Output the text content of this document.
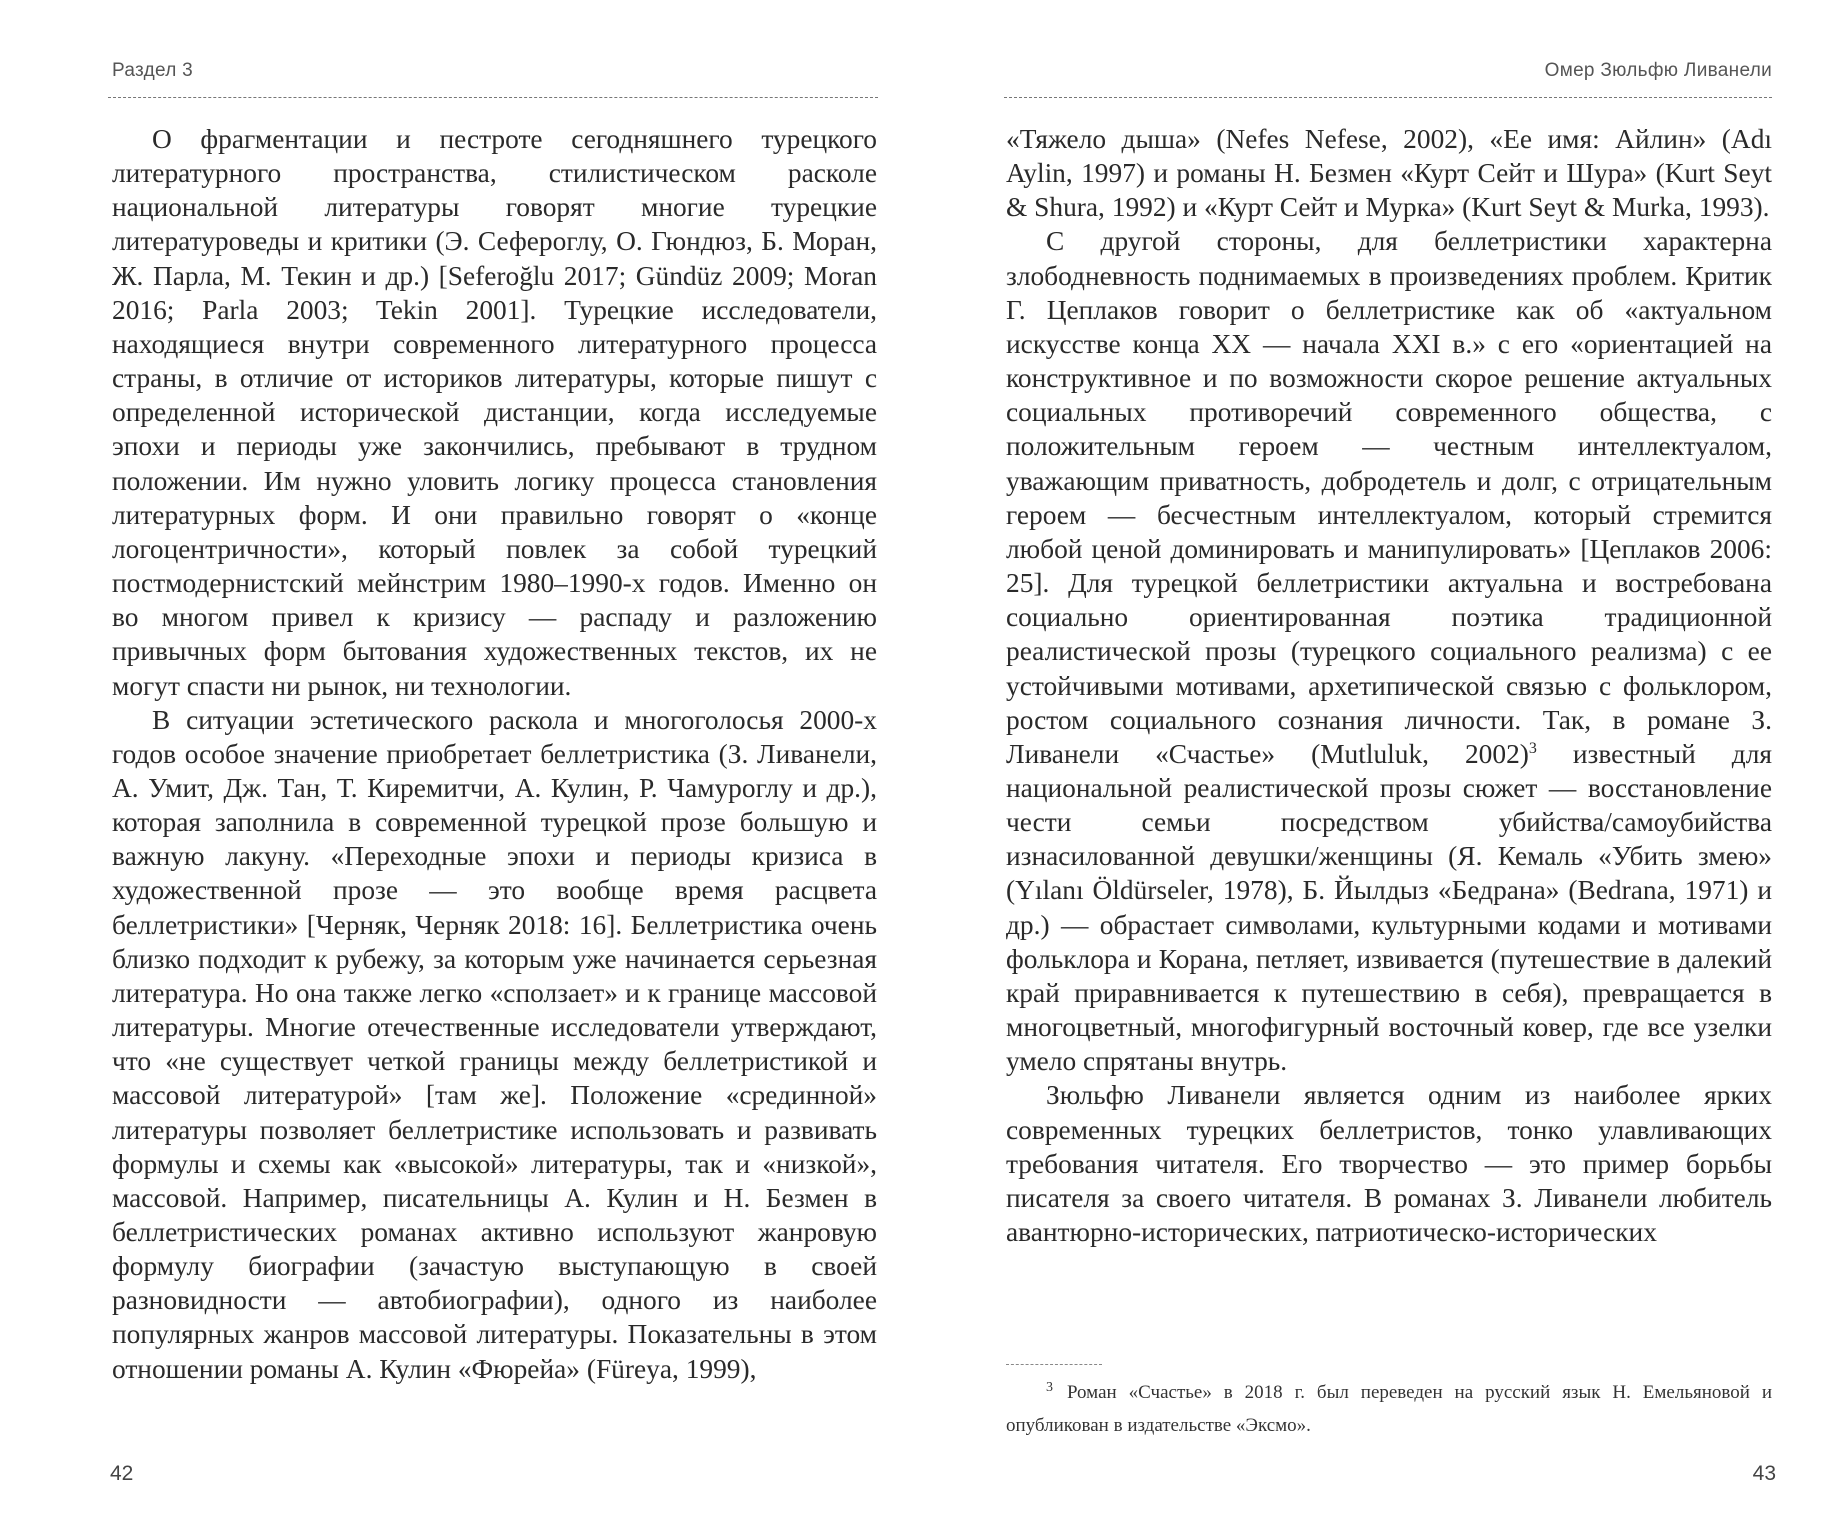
Раздел 3

О фрагментации и пестроте сегодняшнего турецкого литературного пространства, стилистическом расколе национальной литературы говорят многие турецкие литературоведы и критики (Э. Сефероглу, О. Гюндюз, Б. Моран, Ж. Парла, М. Текин и др.) [Seferoğlu 2017; Gündüz 2009; Moran 2016; Parla 2003; Tekin 2001]. Турецкие исследователи, находящиеся внутри современного литературного процесса страны, в отличие от историков литературы, которые пишут с определенной исторической дистанции, когда исследуемые эпохи и периоды уже закончились, пребывают в трудном положении. Им нужно уловить логику процесса становления литературных форм. И они правильно говорят о «конце логоцентричности», который повлек за собой турецкий постмодернистский мейнстрим 1980–1990-х годов. Именно он во многом привел к кризису — распаду и разложению привычных форм бытования художественных текстов, их не могут спасти ни рынок, ни технологии.

В ситуации эстетического раскола и многоголосья 2000-х годов особое значение приобретает беллетристика (З. Ливанели, А. Умит, Дж. Тан, Т. Киремитчи, А. Кулин, Р. Чамуроглу и др.), которая заполнила в современной турецкой прозе большую и важную лакуну. «Переходные эпохи и периоды кризиса в художественной прозе — это вообще время расцвета беллетристики» [Черняк, Черняк 2018: 16]. Беллетристика очень близко подходит к рубежу, за которым уже начинается серьезная литература. Но она также легко «сползает» и к границе массовой литературы. Многие отечественные исследователи утверждают, что «не существует четкой границы между беллетристикой и массовой литературой» [там же]. Положение «срединной» литературы позволяет беллетристике использовать и развивать формулы и схемы как «высокой» литературы, так и «низкой», массовой. Например, писательницы А. Кулин и Н. Безмен в беллетристических романах активно используют жанровую формулу биографии (зачастую выступающую в своей разновидности — автобиографии), одного из наиболее популярных жанров массовой литературы. Показательны в этом отношении романы А. Кулин «Фюрейа» (Füreya, 1999),

42
Омер Зюльфю Ливанели

«Тяжело дыша» (Nefes Nefese, 2002), «Ее имя: Айлин» (Adı Aylin, 1997) и романы Н. Безмен «Курт Сейт и Шура» (Kurt Seyt & Shura, 1992) и «Курт Сейт и Мурка» (Kurt Seyt & Murka, 1993).

С другой стороны, для беллетристики характерна злободневность поднимаемых в произведениях проблем. Критик Г. Цеплаков говорит о беллетристике как об «актуальном искусстве конца XX — начала XXI в.» с его «ориентацией на конструктивное и по возможности скорое решение актуальных социальных противоречий современного общества, с положительным героем — честным интеллектуалом, уважающим приватность, добродетель и долг, с отрицательным героем — бесчестным интеллектуалом, который стремится любой ценой доминировать и манипулировать» [Цеплаков 2006: 25]. Для турецкой беллетристики актуальна и востребована социально ориентированная поэтика традиционной реалистической прозы (турецкого социального реализма) с ее устойчивыми мотивами, архетипической связью с фольклором, ростом социального сознания личности. Так, в романе З. Ливанели «Счастье» (Mutluluk, 2002)$^3$ известный для национальной реалистической прозы сюжет — восстановление чести семьи посредством убийства/самоубийства изнасилованной девушки/женщины (Я. Кемаль «Убить змею» (Yılanı Öldürseler, 1978), Б. Йылдыз «Бедрана» (Bedrana, 1971) и др.) — обрастает символами, культурными кодами и мотивами фольклора и Корана, петляет, извивается (путешествие в далекий край приравнивается к путешествию в себя), превращается в многоцветный, многофигурный восточный ковер, где все узелки умело спрятаны внутрь.

Зюльфю Ливанели является одним из наиболее ярких современных турецких беллетристов, тонко улавливающих требования читателя. Его творчество — это пример борьбы писателя за своего читателя. В романах З. Ливанели любитель авантюрно-исторических, патриотическо-исторических

$^3$ Роман «Счастье» в 2018 г. был переведен на русский язык Н. Емельяновой и опубликован в издательстве «Эксмо».
43
